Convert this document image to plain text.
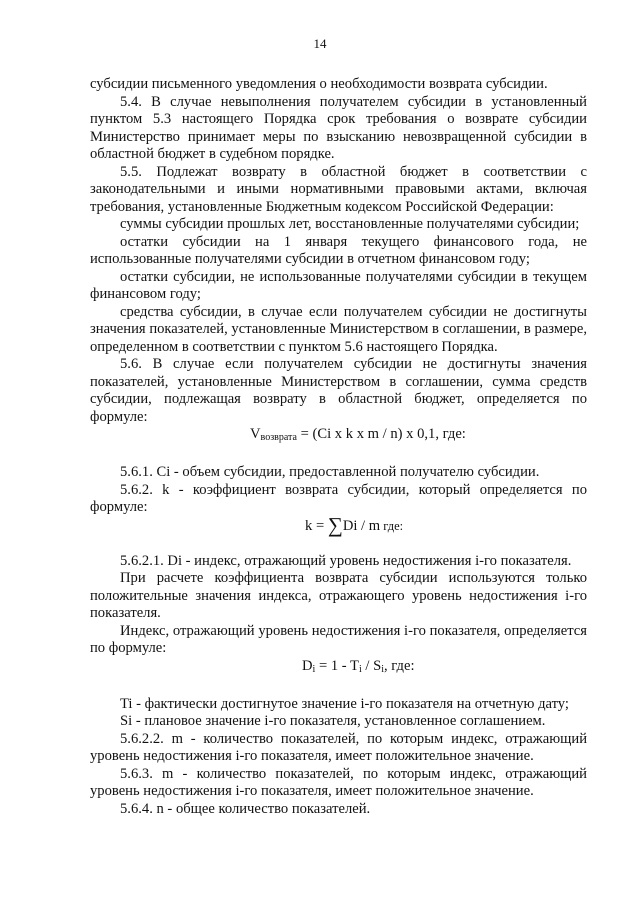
14

субсидии письменного уведомления о необходимости возврата субсидии.

5.4. В случае невыполнения получателем субсидии в установленный пунктом 5.3 настоящего Порядка срок требования о возврате субсидии Министерство принимает меры по взысканию невозвращенной субсидии в областной бюджет в судебном порядке.

5.5. Подлежат возврату в областной бюджет в соответствии с законодательными и иными нормативными правовыми актами, включая требования, установленные Бюджетным кодексом Российской Федерации:

суммы субсидии прошлых лет, восстановленные получателями субсидии;

остатки субсидии на 1 января текущего финансового года, не использованные получателями субсидии в отчетном финансовом году;

остатки субсидии, не использованные получателями субсидии в текущем финансовом году;

средства субсидии, в случае если получателем субсидии не достигнуты значения показателей, установленные Министерством в соглашении, в размере, определенном в соответствии с пунктом 5.6 настоящего Порядка.

5.6. В случае если получателем субсидии не достигнуты значения показателей, установленные Министерством в соглашении, сумма средств субсидии, подлежащая возврату в областной бюджет, определяется по формуле:

$V_{возврата} = (Ci$ x k x m / n) x 0,1, где:

5.6.1. Ci - объем субсидии, предоставленной получателю субсидии.

5.6.2. k - коэффициент возврата субсидии, который определяется по формуле:

k = ∑Di / m где:

5.6.2.1. Di - индекс, отражающий уровень недостижения i-го показателя.

При расчете коэффициента возврата субсидии используются только положительные значения индекса, отражающего уровень недостижения i-го показателя.

Индекс, отражающий уровень недостижения i-го показателя, определяется по формуле:

$D_i = 1 - T_i / S_i$, где:

Ti - фактически достигнутое значение i-го показателя на отчетную дату;

Si - плановое значение i-го показателя, установленное соглашением.

5.6.2.2. m - количество показателей, по которым индекс, отражающий уровень недостижения i-го показателя, имеет положительное значение.

5.6.3. m - количество показателей, по которым индекс, отражающий уровень недостижения i-го показателя, имеет положительное значение.

5.6.4. n - общее количество показателей.
